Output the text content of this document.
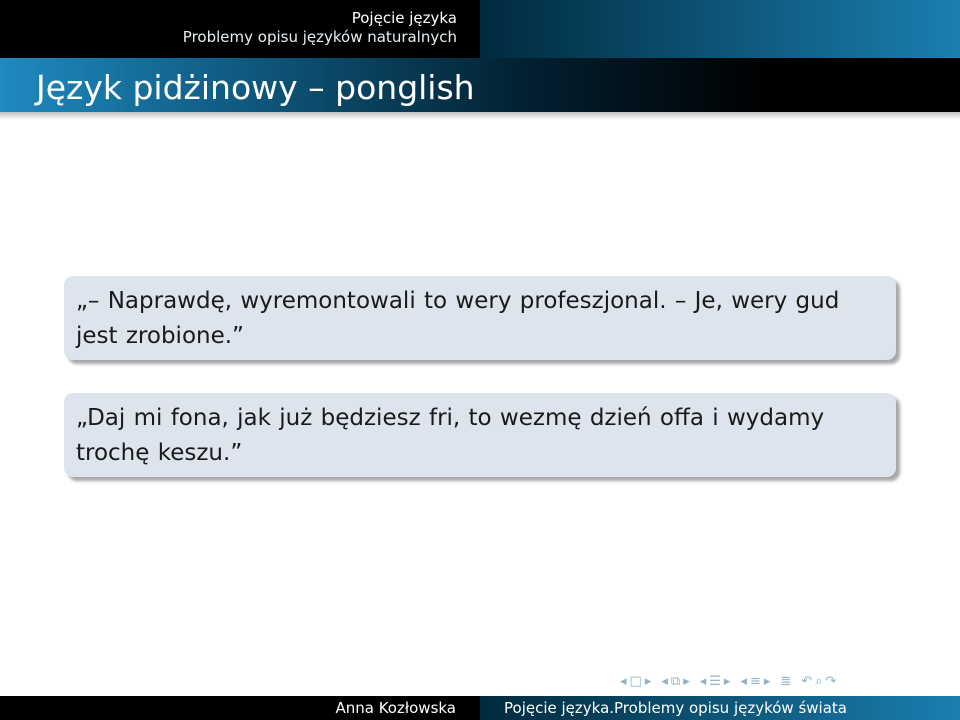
Pojęcie języka
Problemy opisu języków naturalnych
Język pidżinowy – ponglish

„– Naprawdę, wyremontowali to wery profeszjonal. – Je, wery gud jest zrobione.”

„Daj mi fona, jak już będziesz fri, to wezmę dzień offa i wydamy trochę keszu.”

◂ □ ▸ ◂ ⧉ ▸ ◂ ☰ ▸ ◂ ≡ ▸ ≣ ↶ ⌕ ↷
Anna Kozłowska	Pojęcie języka.Problemy opisu języków świata
